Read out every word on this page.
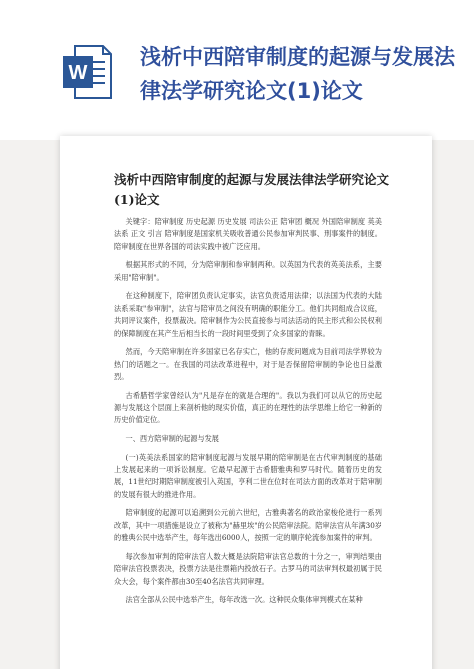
W
浅析中西陪审制度的起源与发展法律法学研究论文(1)论文
浅析中西陪审制度的起源与发展法律法学研究论文(1)论文

关键字：陪审制度 历史起源 历史发展 司法公正 陪审团 概况 外国陪审制度 英美法系 正文 引言 陪审制度是国家机关吸收普通公民参加审判民事、刑事案件的制度。陪审制度在世界各国的司法实践中被广泛应用。

根据其形式的不同，分为陪审制和参审制两种。以英国为代表的英美法系，主要采用"陪审制"。

在这种制度下，陪审团负责认定事实，法官负责适用法律；以法国为代表的大陆法系采取"参审制"，法官与陪审员之间没有明确的职能分工。他们共同组成合议庭，共同评议案件，投票裁决。陪审制作为公民直接参与司法活动的民主形式和公民权利的保障制度在其产生后相当长的一段时间里受到了众多国家的青睐。

然而，今天陪审制在许多国家已名存实亡，他的存废问题成为目前司法学界较为热门的话题之一。在我国的司法改革进程中，对于是否保留陪审制的争论也日益激烈。

古希腊哲学家曾经认为"凡是存在的就是合理的"。我以为我们可以从它的历史起源与发展这个层面上来剖析他的现实价值，真正的在理性的法学思维上给它一种新的历史价值定位。

一、西方陪审制的起源与发展

(一)英美法系国家的陪审制度起源与发展早期的陪审制是在古代审判制度的基础上发展起来的一项诉讼制度。它最早起源于古希腊雅典和罗马时代。随着历史的发展，11世纪时期陪审制度被引入英国，亨利二世在位时在司法方面的改革对于陪审制的发展有很大的推进作用。

陪审制度的起源可以追溯到公元前六世纪，古雅典著名的政治家梭伦进行一系列改革，其中一项措施是设立了被称为"赫里埃"的公民陪审法院。陪审法官从年满30岁的雅典公民中选举产生，每年选出6000人，按照一定的顺序轮流参加案件的审判。

每次参加审判的陪审法官人数大概是法院陪审法官总数的十分之一，审判结果由陪审法官投票表决，投票方法是往票箱内投放石子。古罗马的司法审判权最初属于民众大会，每个案件都由30至40名法官共同审理。

法官全部从公民中选举产生，每年改选一次。这种民众集体审判模式在某种
